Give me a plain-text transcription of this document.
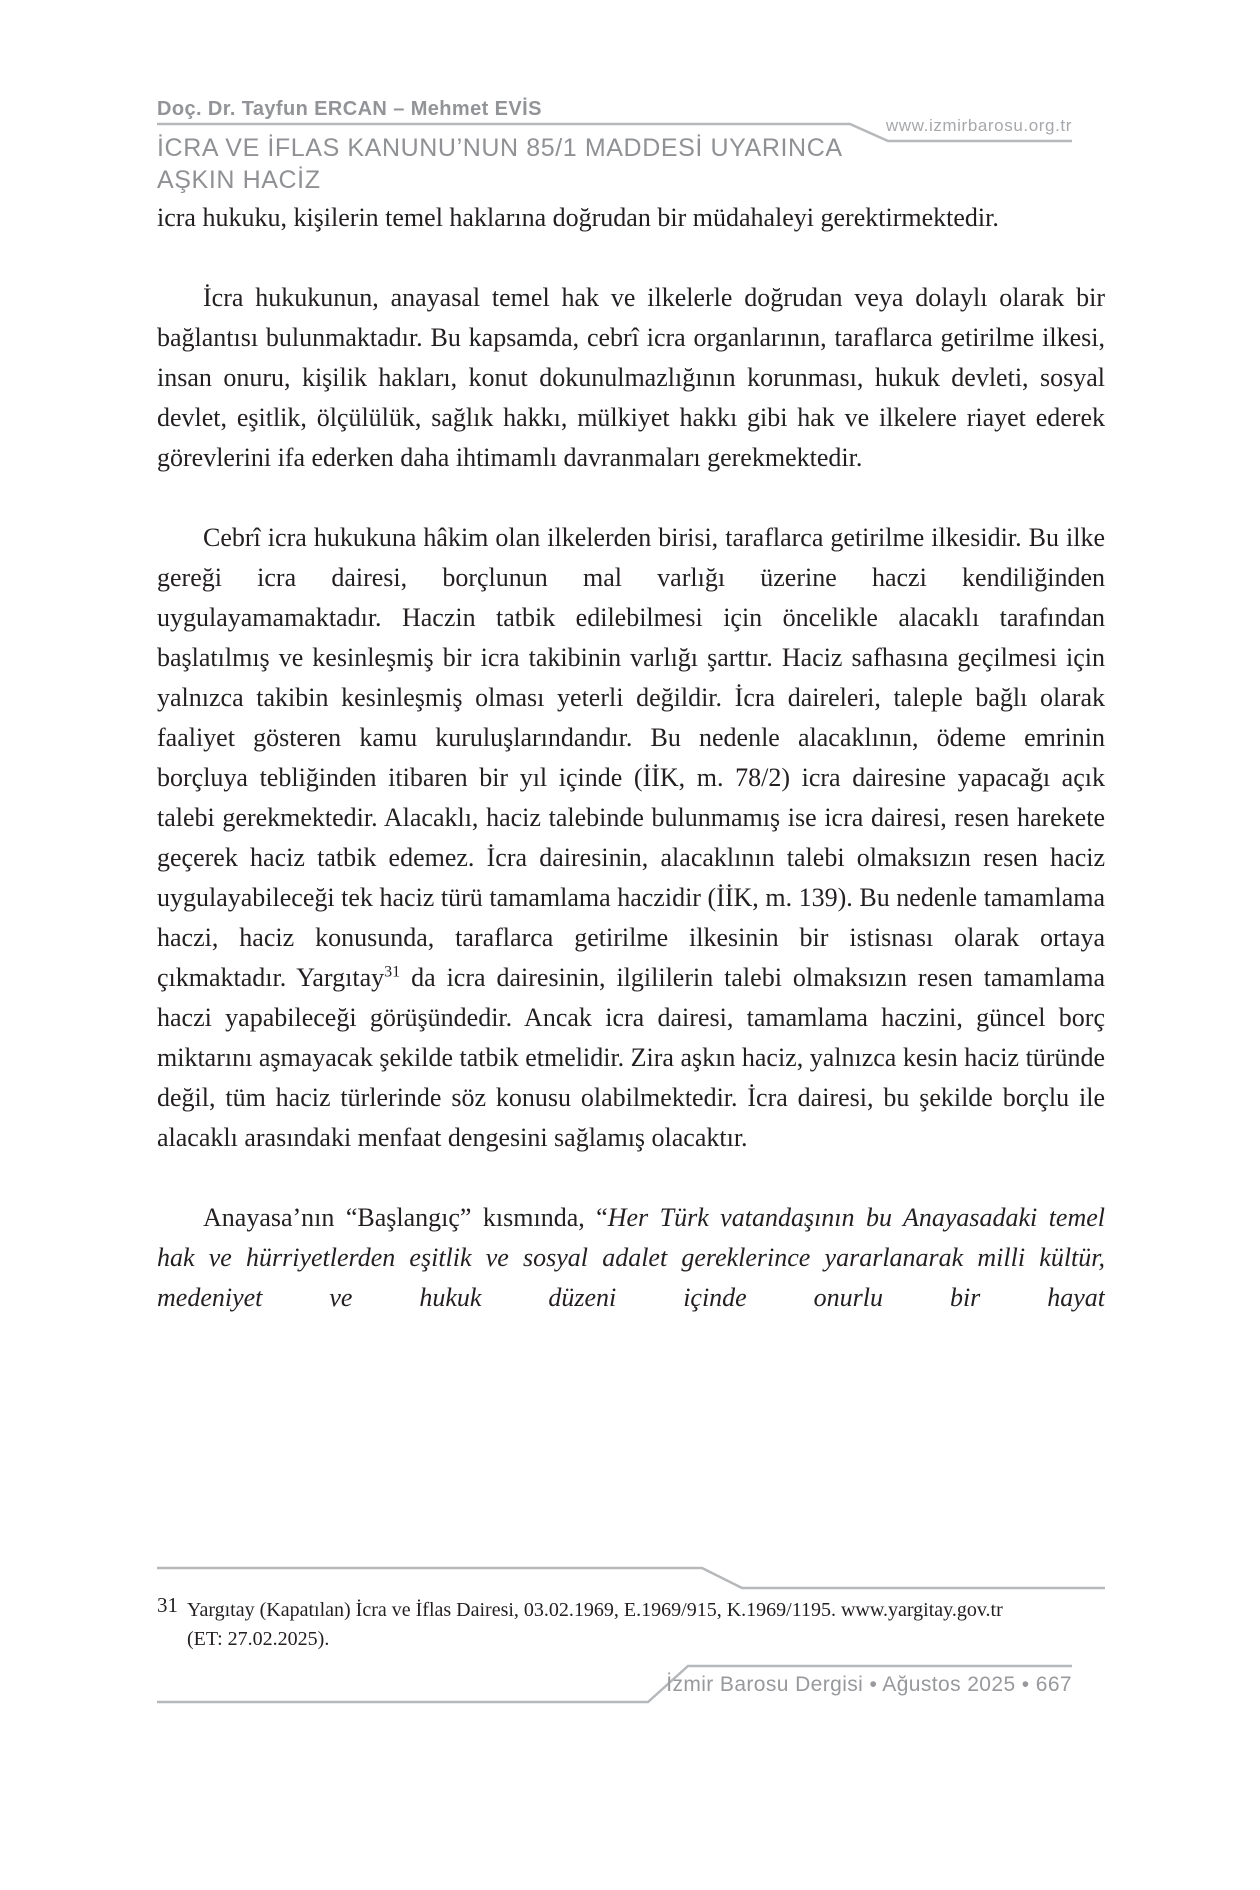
Doç. Dr. Tayfun ERCAN – Mehmet EVİS
www.izmirbarosu.org.tr
İCRA VE İFLAS KANUNU’NUN 85/1 MADDESİ UYARINCA
AŞKIN HACİZ

icra hukuku, kişilerin temel haklarına doğrudan bir müdahaleyi gerektirmektedir.

İcra hukukunun, anayasal temel hak ve ilkelerle doğrudan veya dolaylı olarak bir bağlantısı bulunmaktadır. Bu kapsamda, cebrî icra organlarının, taraflarca getirilme ilkesi, insan onuru, kişilik hakları, konut dokunulmazlığının korunması, hukuk devleti, sosyal devlet, eşitlik, ölçülülük, sağlık hakkı, mülkiyet hakkı gibi hak ve ilkelere riayet ederek görevlerini ifa ederken daha ihtimamlı davranmaları gerekmektedir.

Cebrî icra hukukuna hâkim olan ilkelerden birisi, taraflarca getirilme ilkesidir. Bu ilke gereği icra dairesi, borçlunun mal varlığı üzerine haczi kendiliğinden uygulayamamaktadır. Haczin tatbik edilebilmesi için öncelikle alacaklı tarafından başlatılmış ve kesinleşmiş bir icra takibinin varlığı şarttır. Haciz safhasına geçilmesi için yalnızca takibin kesinleşmiş olması yeterli değildir. İcra daireleri, taleple bağlı olarak faaliyet gösteren kamu kuruluşlarındandır. Bu nedenle alacaklının, ödeme emrinin borçluya tebliğinden itibaren bir yıl içinde (İİK, m. 78/2) icra dairesine yapacağı açık talebi gerekmektedir. Alacaklı, haciz talebinde bulunmamış ise icra dairesi, resen harekete geçerek haciz tatbik edemez. İcra dairesinin, alacaklının talebi olmaksızın resen haciz uygulayabileceği tek haciz türü tamamlama haczidir (İİK, m. 139). Bu nedenle tamamlama haczi, haciz konusunda, taraflarca getirilme ilkesinin bir istisnası olarak ortaya çıkmaktadır. Yargıtay$^{31}$ da icra dairesinin, ilgililerin talebi olmaksızın resen tamamlama haczi yapabileceği görüşündedir. Ancak icra dairesi, tamamlama haczini, güncel borç miktarını aşmayacak şekilde tatbik etmelidir. Zira aşkın haciz, yalnızca kesin haciz türünde değil, tüm haciz türlerinde söz konusu olabilmektedir. İcra dairesi, bu şekilde borçlu ile alacaklı arasındaki menfaat dengesini sağlamış olacaktır.

Anayasa’nın “Başlangıç” kısmında, “Her Türk vatandaşının bu Anayasadaki temel hak ve hürriyetlerden eşitlik ve sosyal adalet gereklerince yararlanarak milli kültür, medeniyet ve hukuk düzeni içinde onurlu bir hayat

31 Yargıtay (Kapatılan) İcra ve İflas Dairesi, 03.02.1969, E.1969/915, K.1969/1195. www.yargitay.gov.tr
(ET: 27.02.2025).
İzmir Barosu Dergisi • Ağustos 2025 • 667
